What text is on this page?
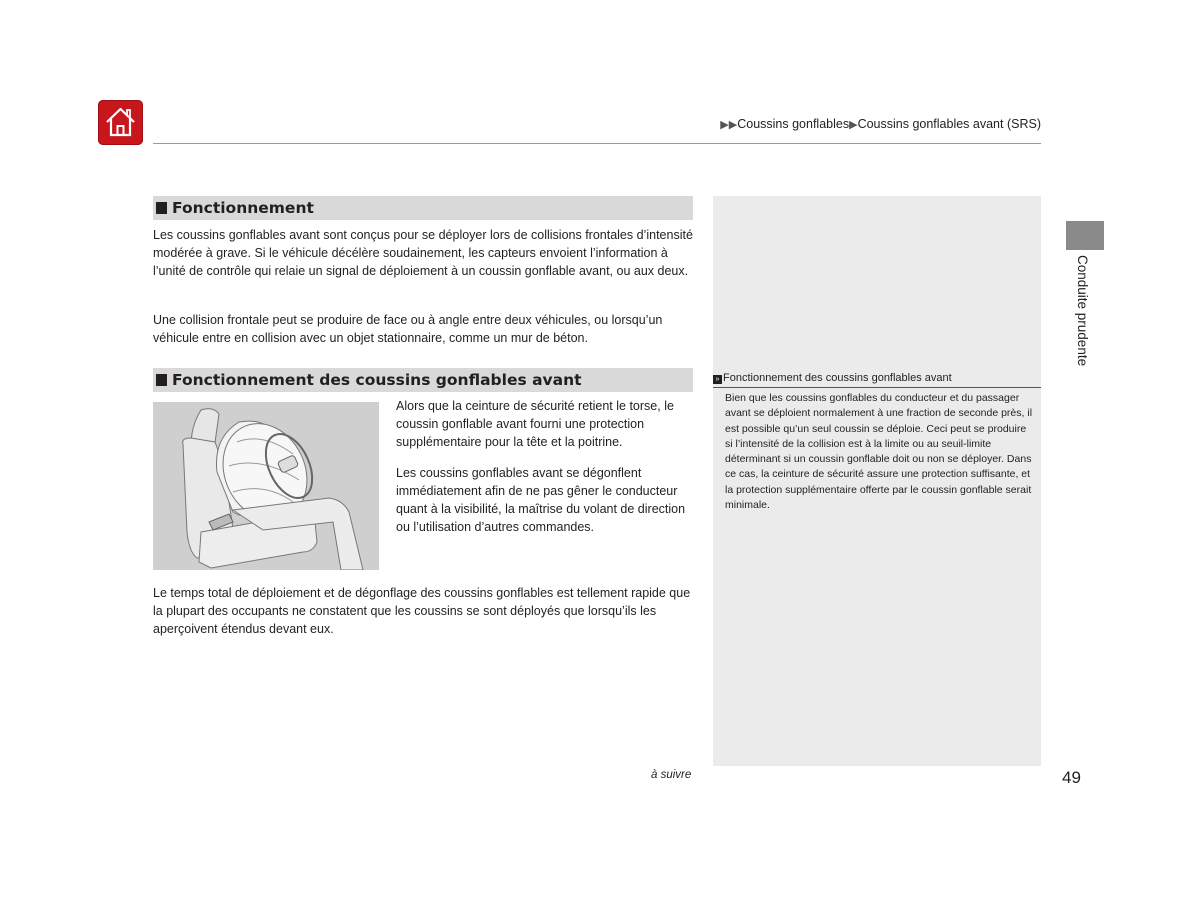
▶▶Coussins gonflables▶Coussins gonflables avant (SRS)
Fonctionnement
Les coussins gonflables avant sont conçus pour se déployer lors de collisions frontales d’intensité modérée à grave. Si le véhicule décélère soudainement, les capteurs envoient l’information à l’unité de contrôle qui relaie un signal de déploiement à un coussin gonflable avant, ou aux deux.
Une collision frontale peut se produire de face ou à angle entre deux véhicules, ou lorsqu’un véhicule entre en collision avec un objet stationnaire, comme un mur de béton.
Fonctionnement des coussins gonflables avant
Alors que la ceinture de sécurité retient le torse, le coussin gonflable avant fourni une protection supplémentaire pour la tête et la poitrine.
Les coussins gonflables avant se dégonflent immédiatement afin de ne pas gêner le conducteur quant à la visibilité, la maîtrise du volant de direction ou l’utilisation d’autres commandes.
Le temps total de déploiement et de dégonflage des coussins gonflables est tellement rapide que la plupart des occupants ne constatent que les coussins se sont déployés que lorsqu’ils les aperçoivent étendus devant eux.
» Fonctionnement des coussins gonflables avant
Bien que les coussins gonflables du conducteur et du passager avant se déploient normalement à une fraction de seconde près, il est possible qu’un seul coussin se déploie. Ceci peut se produire si l’intensité de la collision est à la limite ou au seuil-limite déterminant si un coussin gonflable doit ou non se déployer. Dans ce cas, la ceinture de sécurité assure une protection suffisante, et la protection supplémentaire offerte par le coussin gonflable serait minimale.
Conduite prudente
à suivre	49
